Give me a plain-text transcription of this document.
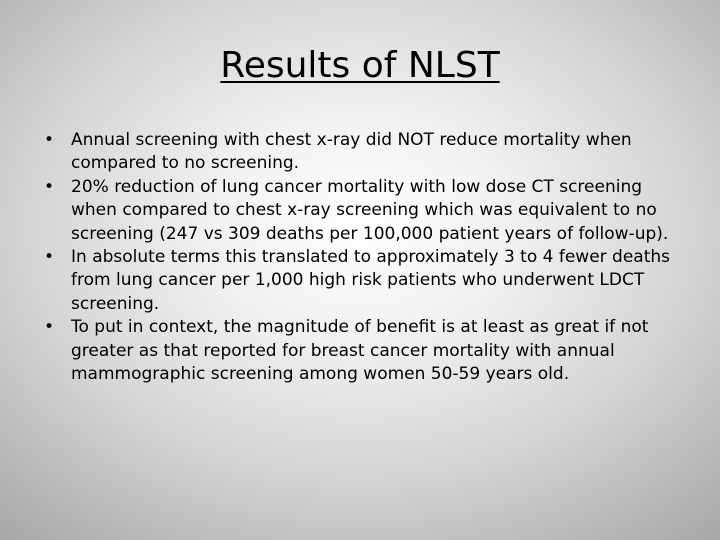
Results of NLST
• Annual screening with chest x-ray did NOT reduce mortality when compared to no screening.
• 20% reduction of lung cancer mortality with low dose CT screening when compared to chest x-ray screening which was equivalent to no screening (247 vs 309 deaths per 100,000 patient years of follow-up).
• In absolute terms this translated to approximately 3 to 4 fewer deaths from lung cancer per 1,000 high risk patients who underwent LDCT screening.
• To put in context, the magnitude of benefit is at least as great if not greater as that reported for breast cancer mortality with annual mammographic screening among women 50-59 years old.
